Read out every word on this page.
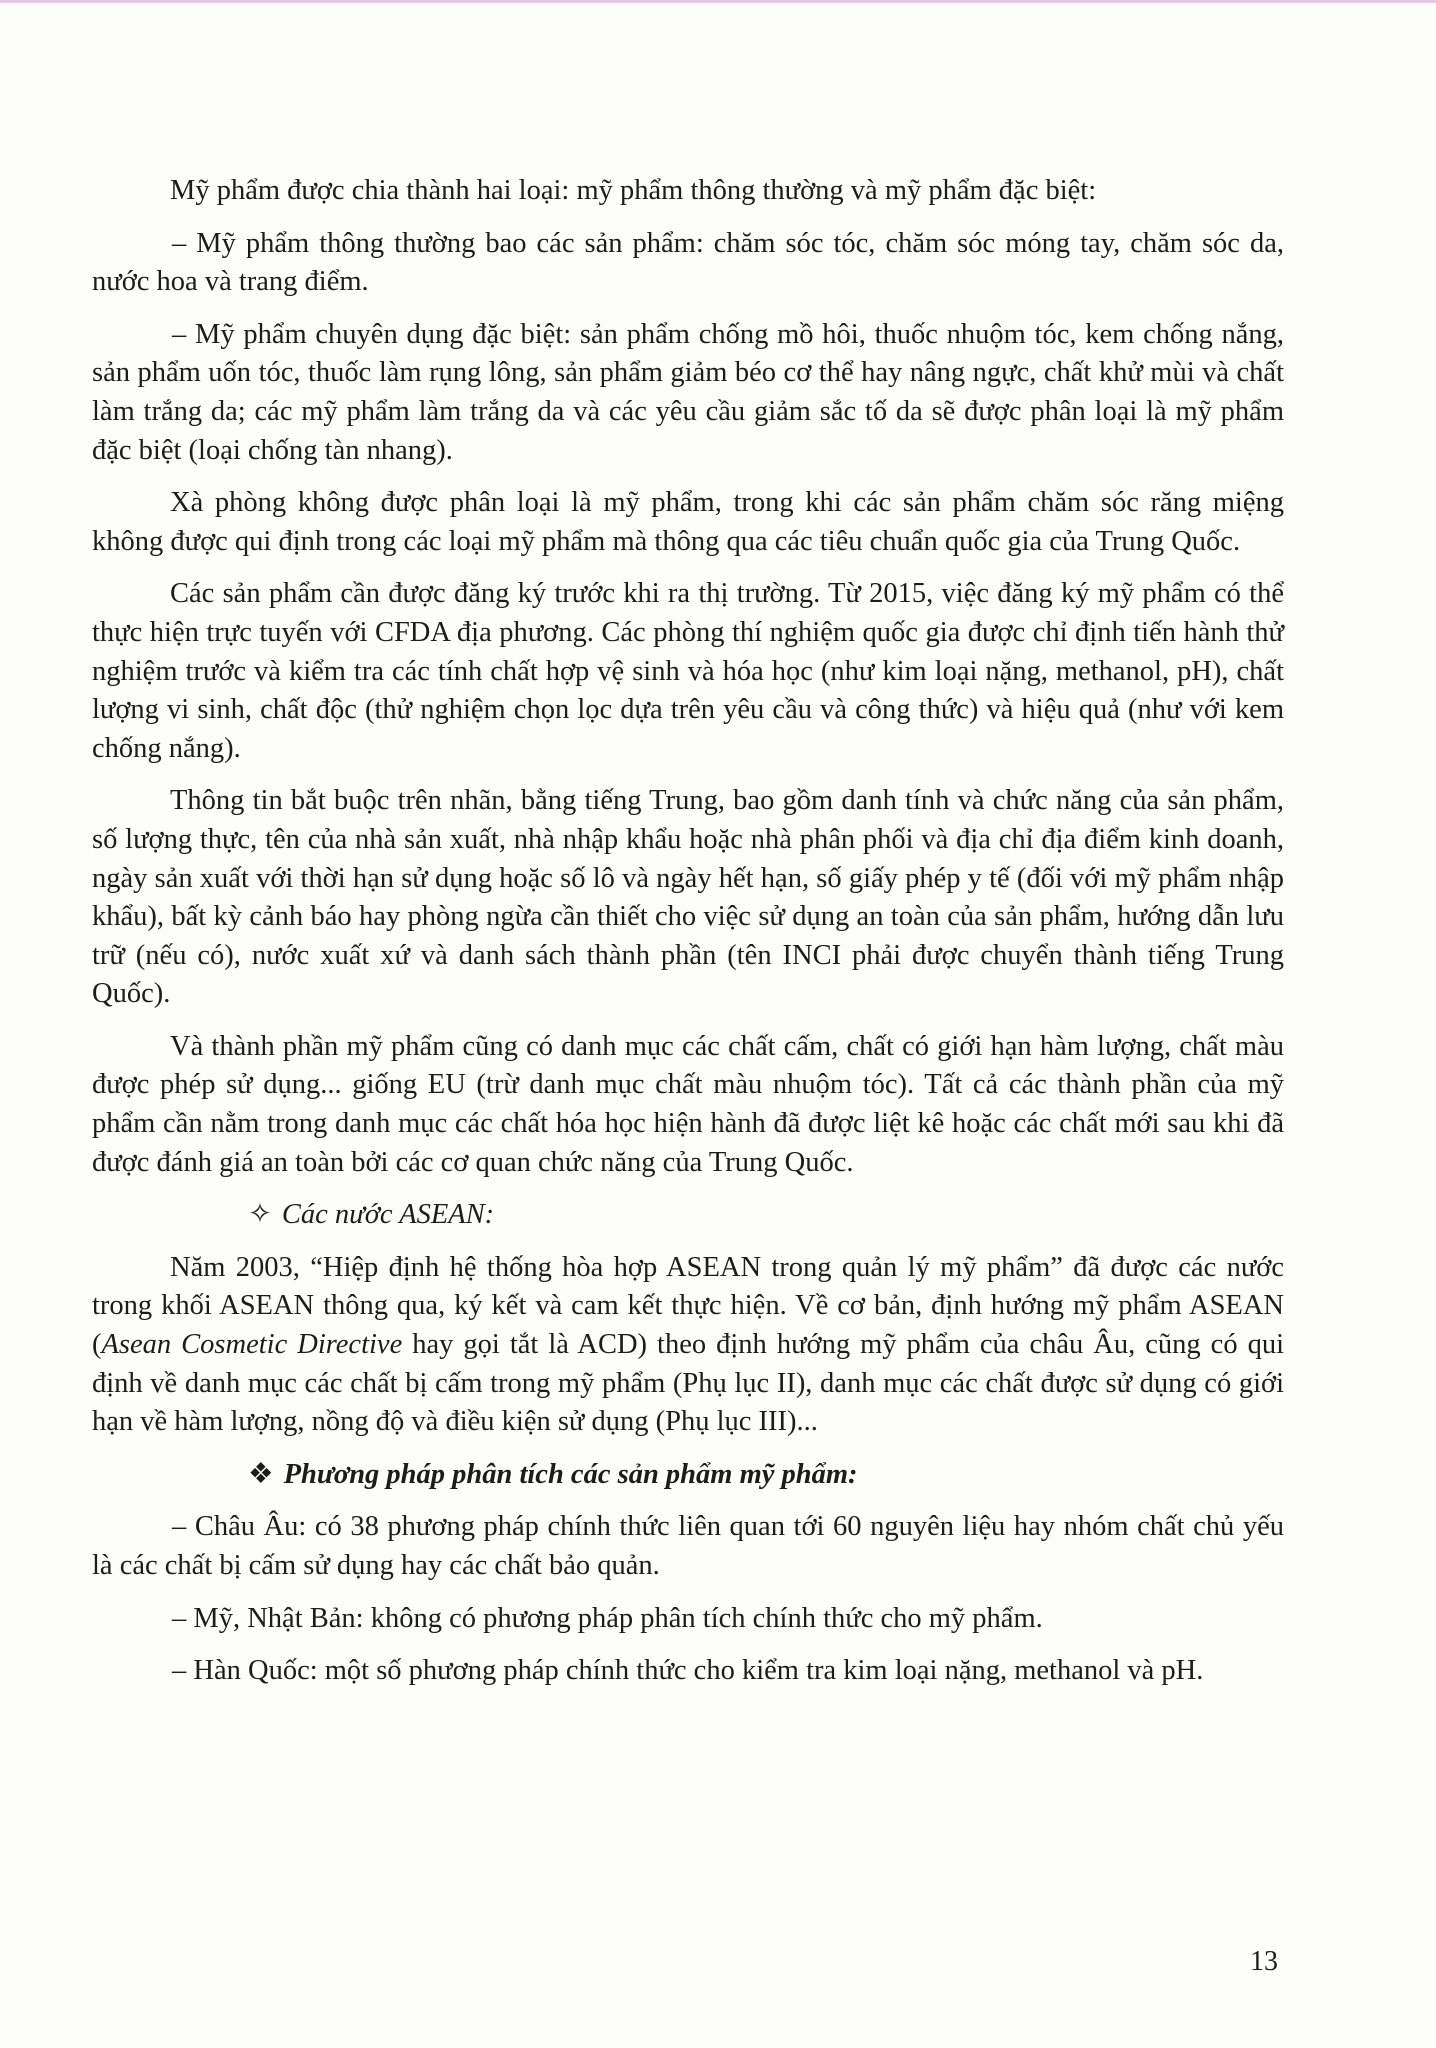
Mỹ phẩm được chia thành hai loại: mỹ phẩm thông thường và mỹ phẩm đặc biệt:

– Mỹ phẩm thông thường bao các sản phẩm: chăm sóc tóc, chăm sóc móng tay, chăm sóc da, nước hoa và trang điểm.

– Mỹ phẩm chuyên dụng đặc biệt: sản phẩm chống mồ hôi, thuốc nhuộm tóc, kem chống nắng, sản phẩm uốn tóc, thuốc làm rụng lông, sản phẩm giảm béo cơ thể hay nâng ngực, chất khử mùi và chất làm trắng da; các mỹ phẩm làm trắng da và các yêu cầu giảm sắc tố da sẽ được phân loại là mỹ phẩm đặc biệt (loại chống tàn nhang).

Xà phòng không được phân loại là mỹ phẩm, trong khi các sản phẩm chăm sóc răng miệng không được qui định trong các loại mỹ phẩm mà thông qua các tiêu chuẩn quốc gia của Trung Quốc.

Các sản phẩm cần được đăng ký trước khi ra thị trường. Từ 2015, việc đăng ký mỹ phẩm có thể thực hiện trực tuyến với CFDA địa phương. Các phòng thí nghiệm quốc gia được chỉ định tiến hành thử nghiệm trước và kiểm tra các tính chất hợp vệ sinh và hóa học (như kim loại nặng, methanol, pH), chất lượng vi sinh, chất độc (thử nghiệm chọn lọc dựa trên yêu cầu và công thức) và hiệu quả (như với kem chống nắng).

Thông tin bắt buộc trên nhãn, bằng tiếng Trung, bao gồm danh tính và chức năng của sản phẩm, số lượng thực, tên của nhà sản xuất, nhà nhập khẩu hoặc nhà phân phối và địa chỉ địa điểm kinh doanh, ngày sản xuất với thời hạn sử dụng hoặc số lô và ngày hết hạn, số giấy phép y tế (đối với mỹ phẩm nhập khẩu), bất kỳ cảnh báo hay phòng ngừa cần thiết cho việc sử dụng an toàn của sản phẩm, hướng dẫn lưu trữ (nếu có), nước xuất xứ và danh sách thành phần (tên INCI phải được chuyển thành tiếng Trung Quốc).

Và thành phần mỹ phẩm cũng có danh mục các chất cấm, chất có giới hạn hàm lượng, chất màu được phép sử dụng... giống EU (trừ danh mục chất màu nhuộm tóc). Tất cả các thành phần của mỹ phẩm cần nằm trong danh mục các chất hóa học hiện hành đã được liệt kê hoặc các chất mới sau khi đã được đánh giá an toàn bởi các cơ quan chức năng của Trung Quốc.

✧ Các nước ASEAN:

Năm 2003, “Hiệp định hệ thống hòa hợp ASEAN trong quản lý mỹ phẩm” đã được các nước trong khối ASEAN thông qua, ký kết và cam kết thực hiện. Về cơ bản, định hướng mỹ phẩm ASEAN (Asean Cosmetic Directive hay gọi tắt là ACD) theo định hướng mỹ phẩm của châu Âu, cũng có qui định về danh mục các chất bị cấm trong mỹ phẩm (Phụ lục II), danh mục các chất được sử dụng có giới hạn về hàm lượng, nồng độ và điều kiện sử dụng (Phụ lục III)...

❖ Phương pháp phân tích các sản phẩm mỹ phẩm:

– Châu Âu: có 38 phương pháp chính thức liên quan tới 60 nguyên liệu hay nhóm chất chủ yếu là các chất bị cấm sử dụng hay các chất bảo quản.

– Mỹ, Nhật Bản: không có phương pháp phân tích chính thức cho mỹ phẩm.

– Hàn Quốc: một số phương pháp chính thức cho kiểm tra kim loại nặng, methanol và pH.

13
